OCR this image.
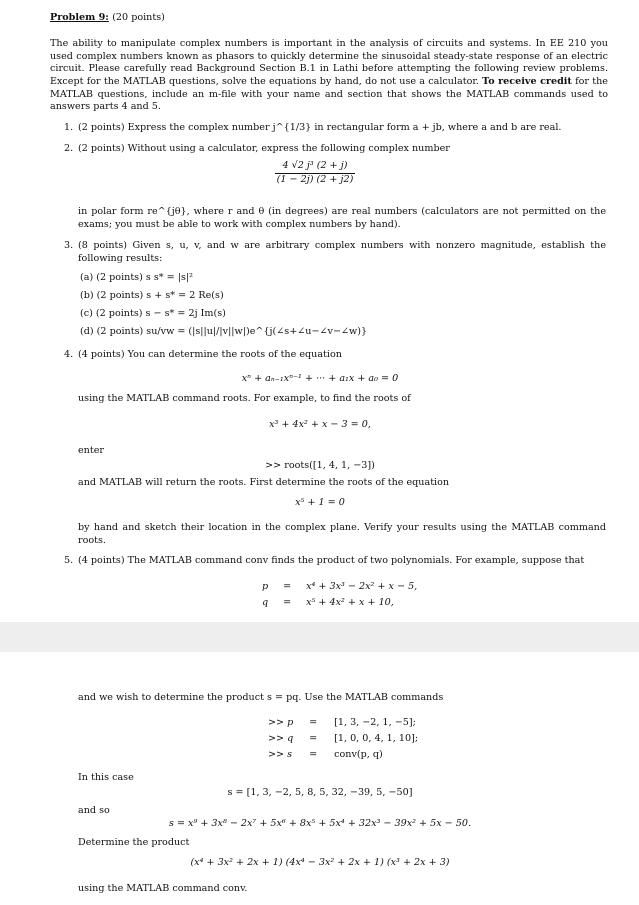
Problem 9: (20 points)
The ability to manipulate complex numbers is important in the analysis of circuits and systems. In EE 210 you used complex numbers known as phasors to quickly determine the sinusoidal steady-state response of an electric circuit. Please carefully read Background Section B.1 in Lathi before attempting the following review problems. Except for the MATLAB questions, solve the equations by hand, do not use a calculator. To receive credit for the MATLAB questions, include an m-file with your name and section that shows the MATLAB commands used to answers parts 4 and 5.
1. (2 points) Express the complex number j^{1/3} in rectangular form a + jb, where a and b are real.
2. (2 points) Without using a calculator, express the following complex number
$\frac{\text{4 √2 j³ (2 + j)}}{(1 - 2j) (2 + j2)}$
in polar form re^{jθ}, where r and θ (in degrees) are real numbers (calculators are not permitted on the exams; you must be able to work with complex numbers by hand).
3. (8 points) Given s, u, v, and w are arbitrary complex numbers with nonzero magnitude, establish the following results:
(a) (2 points) s s* = |s|²
(b) (2 points) s + s* = 2 Re(s)
(c) (2 points) s − s* = 2j Im(s)
(d) (2 points) su/vw = (|s||u|/|v||w|)e^{j(∠s+∠u−∠v−∠w)}
4. (4 points) You can determine the roots of the equation
xⁿ + aₙ₋₁xⁿ⁻¹ + ··· + a₁x + a₀ = 0
using the MATLAB command roots. For example, to find the roots of
x³ + 4x² + x − 3 = 0,
enter
>> roots([1, 4, 1, −3])
and MATLAB will return the roots. First determine the roots of the equation
x⁵ + 1 = 0
by hand and sketch their location in the complex plane. Verify your results using the MATLAB command roots.
5. (4 points) The MATLAB command conv finds the product of two polynomials. For example, suppose that
p = x⁴ + 3x³ − 2x² + x − 5,
q = x⁵ + 4x² + x + 10,
and we wish to determine the product s = pq. Use the MATLAB commands
>> p = [1, 3, −2, 1, −5];
>> q = [1, 0, 0, 4, 1, 10];
>> s = conv(p, q)
In this case
s = [1, 3, −2, 5, 8, 5, 32, −39, 5, −50]
and so
s = x⁹ + 3x⁸ − 2x⁷ + 5x⁶ + 8x⁵ + 5x⁴ + 32x³ − 39x² + 5x − 50.
Determine the product
(x⁴ + 3x² + 2x + 1) (4x⁴ − 3x² + 2x + 1) (x³ + 2x + 3)
using the MATLAB command conv.
